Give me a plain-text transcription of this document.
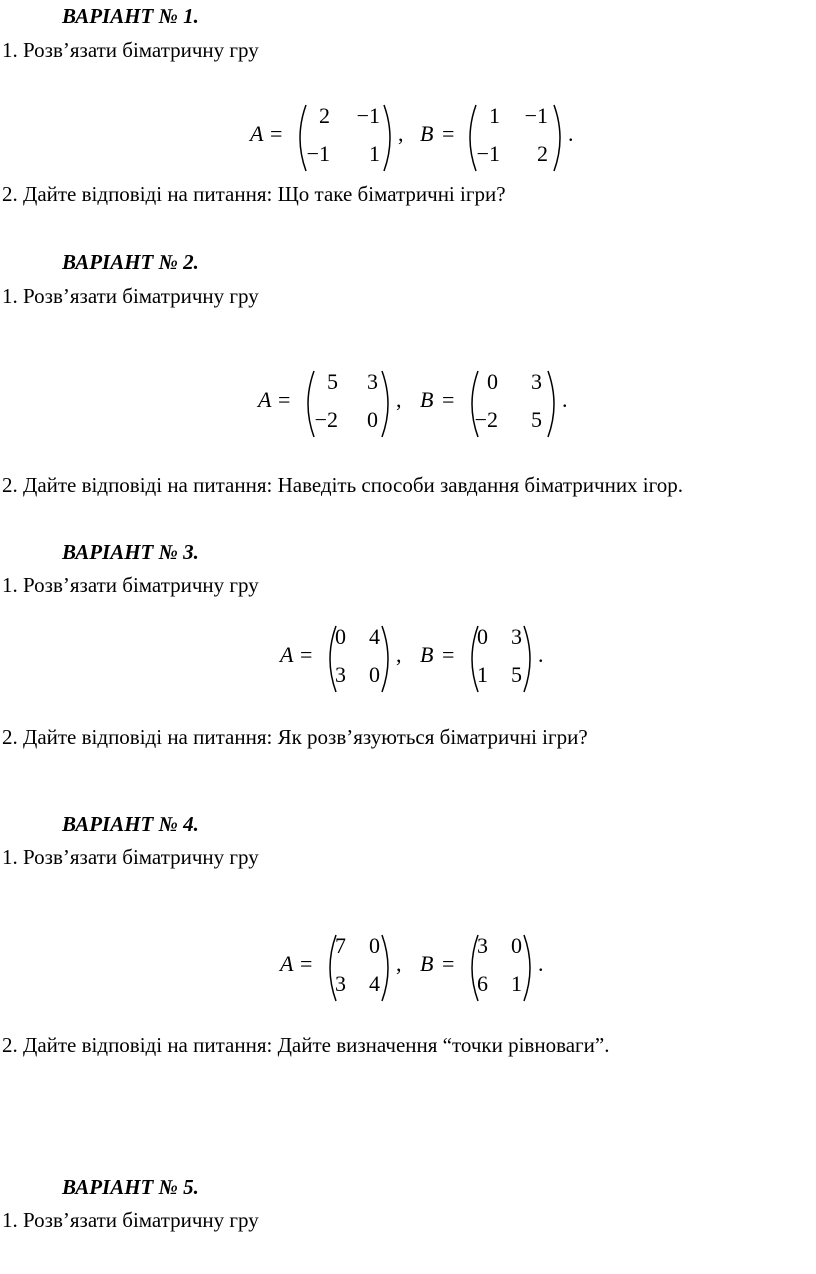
ВАРІАНТ № 1.
1. Розв’язати біматричну гру
A =
2	−1
−1	1
, B =
1	−1
−1	2
.
2. Дайте відповіді на питання: Що таке біматричні ігри?
ВАРІАНТ № 2.
1. Розв’язати біматричну гру
A =
5	3
−2	0
, B =
0	3
−2	5
.
2. Дайте відповіді на питання: Наведіть способи завдання біматричних ігор.
ВАРІАНТ № 3.
1. Розв’язати біматричну гру
A =
0	4
3	0
, B =
0	3
1	5
.
2. Дайте відповіді на питання: Як розв’язуються біматричні ігри?
ВАРІАНТ № 4.
1. Розв’язати біматричну гру
A =
7	0
3	4
, B =
3	0
6	1
.
2. Дайте відповіді на питання: Дайте визначення “точки рівноваги”.
ВАРІАНТ № 5.
1. Розв’язати біматричну гру
